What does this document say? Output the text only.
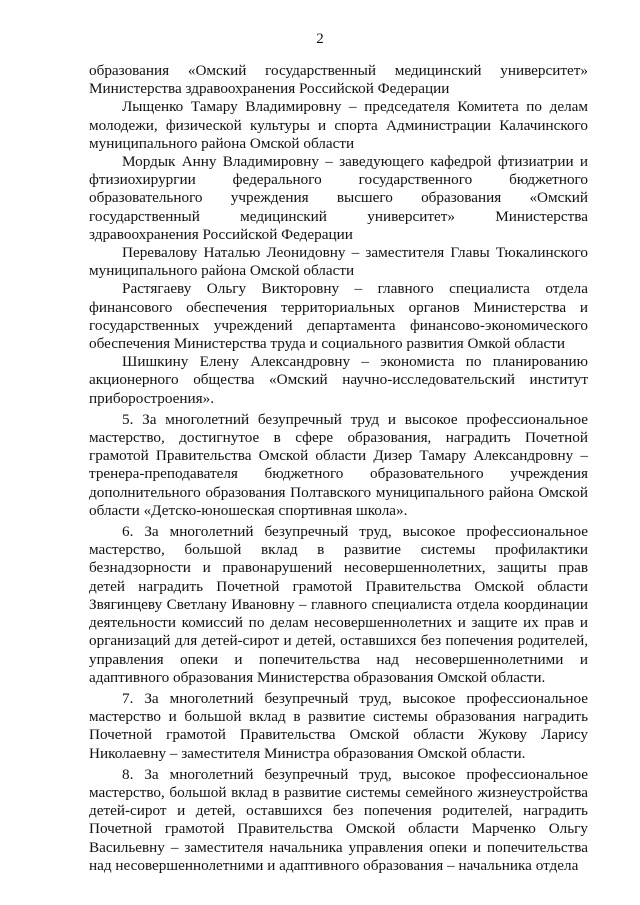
2

образования «Омский государственный медицинский университет» Министерства здравоохранения Российской Федерации

Лыщенко Тамару Владимировну – председателя Комитета по делам молодежи, физической культуры и спорта Администрации Калачинского муниципального района Омской области

Мордык Анну Владимировну – заведующего кафедрой фтизиатрии и фтизиохирургии федерального государственного бюджетного образовательного учреждения высшего образования «Омский государственный медицинский университет» Министерства здравоохранения Российской Федерации

Перевалову Наталью Леонидовну – заместителя Главы Тюкалинского муниципального района Омской области

Растягаеву Ольгу Викторовну – главного специалиста отдела финансового обеспечения территориальных органов Министерства и государственных учреждений департамента финансово-экономического обеспечения Министерства труда и социального развития Омкой области

Шишкину Елену Александровну – экономиста по планированию акционерного общества «Омский научно-исследовательский институт приборостроения».

5. За многолетний безупречный труд и высокое профессиональное мастерство, достигнутое в сфере образования, наградить Почетной грамотой Правительства Омской области Дизер Тамару Александровну – тренера-преподавателя бюджетного образовательного учреждения дополнительного образования Полтавского муниципального района Омской области «Детско-юношеская спортивная школа».

6. За многолетний безупречный труд, высокое профессиональное мастерство, большой вклад в развитие системы профилактики безнадзорности и правонарушений несовершеннолетних, защиты прав детей наградить Почетной грамотой Правительства Омской области Звягинцеву Светлану Ивановну – главного специалиста отдела координации деятельности комиссий по делам несовершеннолетних и защите их прав и организаций для детей-сирот и детей, оставшихся без попечения родителей, управления опеки и попечительства над несовершеннолетними и адаптивного образования Министерства образования Омской области.

7. За многолетний безупречный труд, высокое профессиональное мастерство и большой вклад в развитие системы образования наградить Почетной грамотой Правительства Омской области Жукову Ларису Николаевну – заместителя Министра образования Омской области.

8. За многолетний безупречный труд, высокое профессиональное мастерство, большой вклад в развитие системы семейного жизнеустройства детей-сирот и детей, оставшихся без попечения родителей, наградить Почетной грамотой Правительства Омской области Марченко Ольгу Васильевну – заместителя начальника управления опеки и попечительства над несовершеннолетними и адаптивного образования – начальника отдела
